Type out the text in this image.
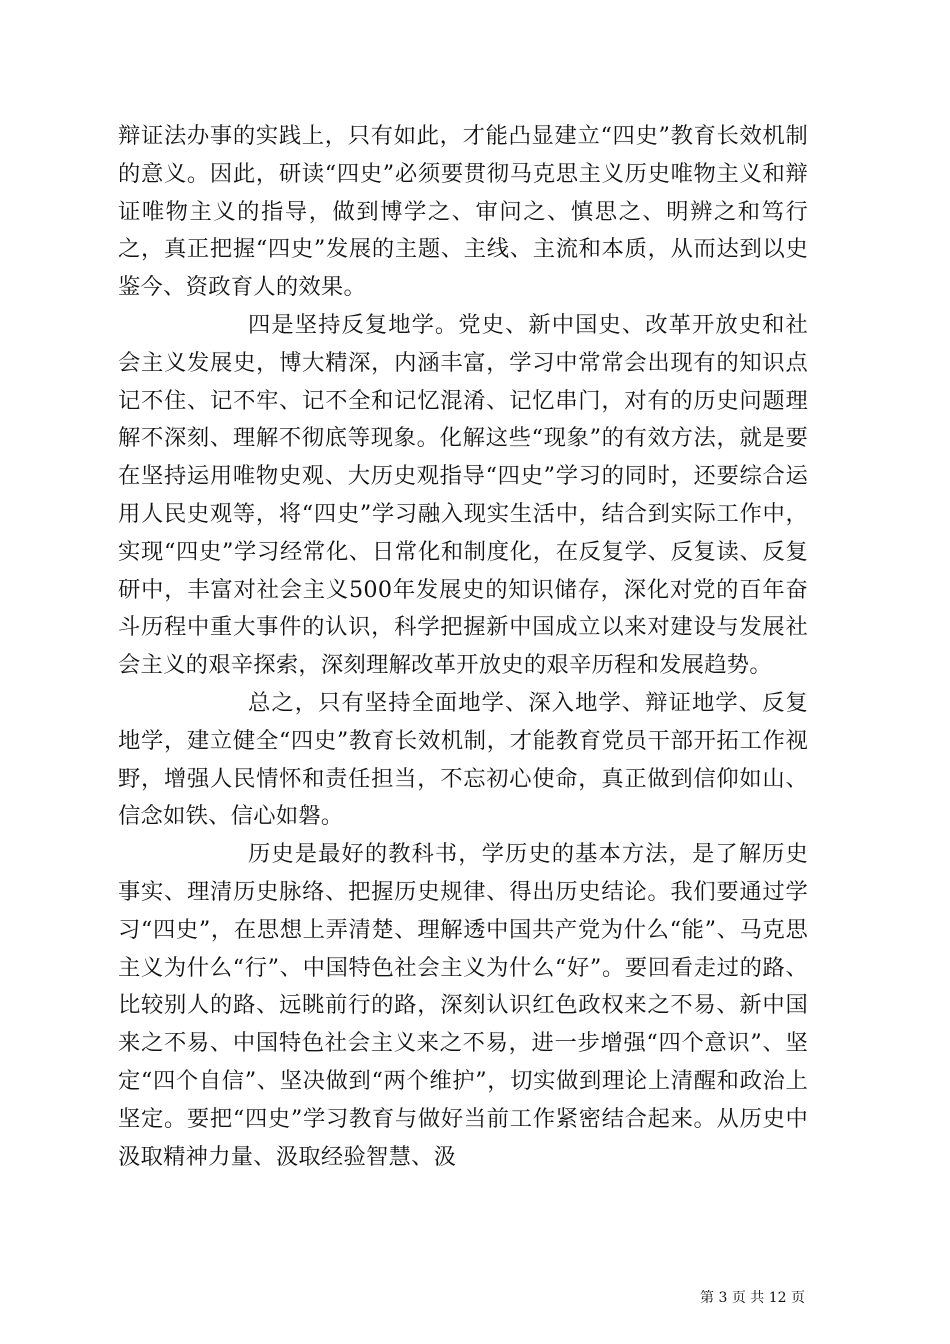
辩证法办事的实践上，只有如此，才能凸显建立“四史”教育长效机制的意义。因此，研读“四史”必须要贯彻马克思主义历史唯物主义和辩证唯物主义的指导，做到博学之、审问之、慎思之、明辨之和笃行之，真正把握“四史”发展的主题、主线、主流和本质，从而达到以史鉴今、资政育人的效果。

四是坚持反复地学。党史、新中国史、改革开放史和社会主义发展史，博大精深，内涵丰富，学习中常常会出现有的知识点记不住、记不牢、记不全和记忆混淆、记忆串门，对有的历史问题理解不深刻、理解不彻底等现象。化解这些“现象”的有效方法，就是要在坚持运用唯物史观、大历史观指导“四史”学习的同时，还要综合运用人民史观等，将“四史”学习融入现实生活中，结合到实际工作中，实现“四史”学习经常化、日常化和制度化，在反复学、反复读、反复研中，丰富对社会主义500年发展史的知识储存，深化对党的百年奋斗历程中重大事件的认识，科学把握新中国成立以来对建设与发展社会主义的艰辛探索，深刻理解改革开放史的艰辛历程和发展趋势。

总之，只有坚持全面地学、深入地学、辩证地学、反复地学，建立健全“四史”教育长效机制，才能教育党员干部开拓工作视野，增强人民情怀和责任担当，不忘初心使命，真正做到信仰如山、信念如铁、信心如磐。

历史是最好的教科书，学历史的基本方法，是了解历史事实、理清历史脉络、把握历史规律、得出历史结论。我们要通过学习“四史”，在思想上弄清楚、理解透中国共产党为什么“能”、马克思主义为什么“行”、中国特色社会主义为什么“好”。要回看走过的路、比较别人的路、远眺前行的路，深刻认识红色政权来之不易、新中国来之不易、中国特色社会主义来之不易，进一步增强“四个意识”、坚定“四个自信”、坚决做到“两个维护”，切实做到理论上清醒和政治上坚定。要把“四史”学习教育与做好当前工作紧密结合起来。从历史中汲取精神力量、汲取经验智慧、汲

第 3 页 共 12 页
